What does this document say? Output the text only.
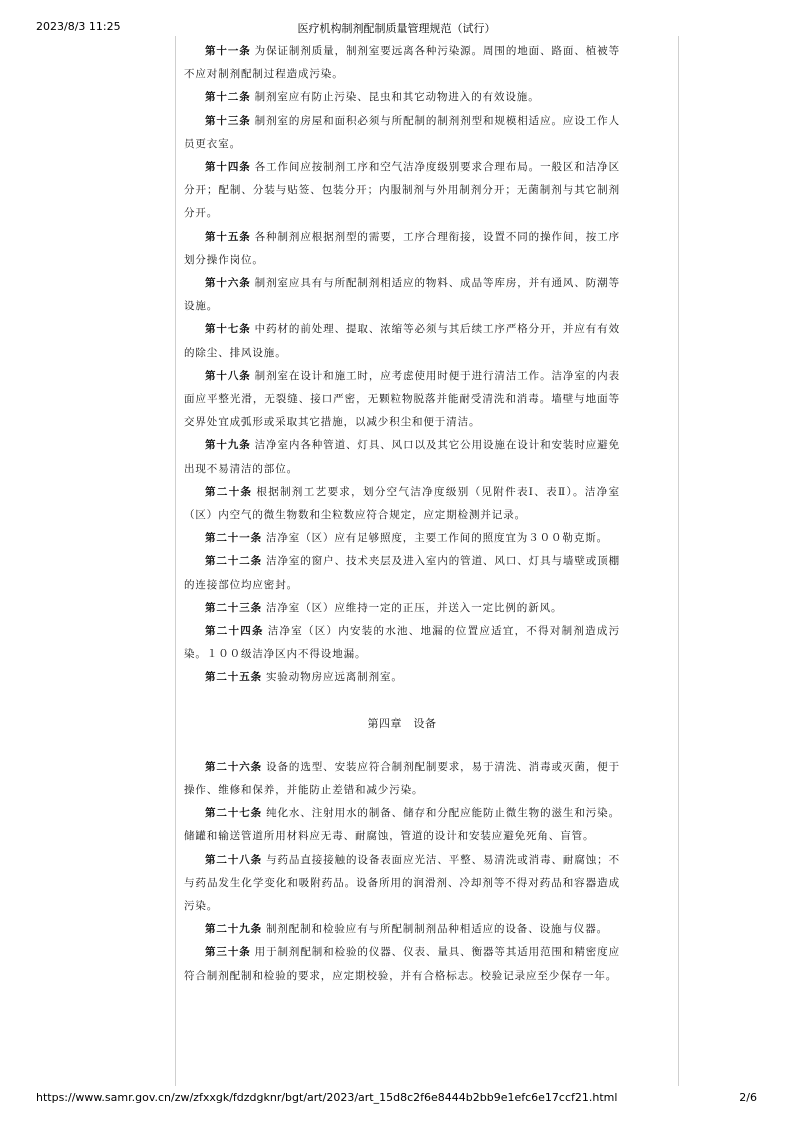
2023/8/3 11:25	医疗机构制剂配制质量管理规范（试行）

第十一条 为保证制剂质量，制剂室要远离各种污染源。周围的地面、路面、植被等不应对制剂配制过程造成污染。

第十二条 制剂室应有防止污染、昆虫和其它动物进入的有效设施。

第十三条 制剂室的房屋和面积必须与所配制的制剂剂型和规模相适应。应设工作人员更衣室。

第十四条 各工作间应按制剂工序和空气洁净度级别要求合理布局。一般区和洁净区分开；配制、分装与贴签、包装分开；内服制剂与外用制剂分开；无菌制剂与其它制剂分开。

第十五条 各种制剂应根据剂型的需要，工序合理衔接，设置不同的操作间，按工序划分操作岗位。

第十六条 制剂室应具有与所配制剂相适应的物料、成品等库房，并有通风、防潮等设施。

第十七条 中药材的前处理、提取、浓缩等必须与其后续工序严格分开，并应有有效的除尘、排风设施。

第十八条 制剂室在设计和施工时，应考虑使用时便于进行清洁工作。洁净室的内表面应平整光滑，无裂缝、接口严密，无颗粒物脱落并能耐受清洗和消毒。墙壁与地面等交界处宜成弧形或采取其它措施，以减少积尘和便于清洁。

第十九条 洁净室内各种管道、灯具、风口以及其它公用设施在设计和安装时应避免出现不易清洁的部位。

第二十条 根据制剂工艺要求，划分空气洁净度级别（见附件表Ⅰ、表Ⅱ）。洁净室（区）内空气的微生物数和尘粒数应符合规定，应定期检测并记录。

第二十一条 洁净室（区）应有足够照度，主要工作间的照度宜为３００勒克斯。

第二十二条 洁净室的窗户、技术夹层及进入室内的管道、风口、灯具与墙壁或顶棚的连接部位均应密封。

第二十三条 洁净室（区）应维持一定的正压，并送入一定比例的新风。

第二十四条 洁净室（区）内安装的水池、地漏的位置应适宜，不得对制剂造成污染。１００级洁净区内不得设地漏。

第二十五条 实验动物房应远离制剂室。

第四章　设备

第二十六条 设备的选型、安装应符合制剂配制要求，易于清洗、消毒或灭菌，便于操作、维修和保养，并能防止差错和减少污染。

第二十七条 纯化水、注射用水的制备、储存和分配应能防止微生物的滋生和污染。储罐和输送管道所用材料应无毒、耐腐蚀，管道的设计和安装应避免死角、盲管。

第二十八条 与药品直接接触的设备表面应光洁、平整、易清洗或消毒、耐腐蚀；不与药品发生化学变化和吸附药品。设备所用的润滑剂、冷却剂等不得对药品和容器造成污染。

第二十九条 制剂配制和检验应有与所配制制剂品种相适应的设备、设施与仪器。

第三十条 用于制剂配制和检验的仪器、仪表、量具、衡器等其适用范围和精密度应符合制剂配制和检验的要求，应定期校验，并有合格标志。校验记录应至少保存一年。

https://www.samr.gov.cn/zw/zfxxgk/fdzdgknr/bgt/art/2023/art_15d8c2f6e8444b2bb9e1efc6e17ccf21.html	2/6
